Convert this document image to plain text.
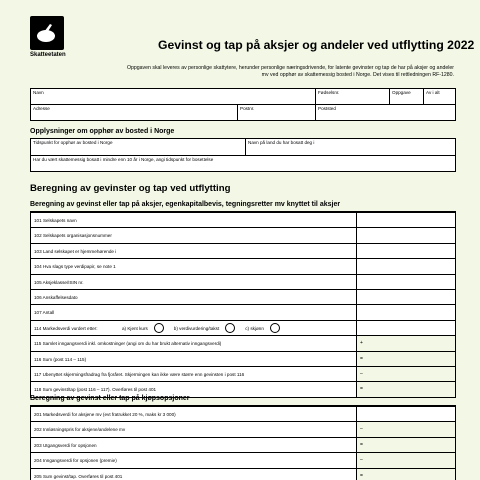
Skatteetaten
Gevinst og tap på aksjer og andeler ved utflytting 2022
Oppgaven skal leveres av personlige skattytere, herunder personlige næringsdrivende, for latente gevinster og tap de har på aksjer og andeler mv ved opphør av skattemessig bosted i Norge. Det vises til rettledningen RF-1280.
Navn	Fødselsnr.	Oppgave	Av i alt
Adresse	Postnr.	Poststed
Opplysninger om opphør av bosted i Norge
Tidspunkt for opphør av bosted i Norge	Navn på land du har bosatt deg i
Har du vært skattemessig bosatt i mindre enn 10 år i Norge, angi tidspunkt for bosettelse
Beregning av gevinster og tap ved utflytting
Beregning av gevinst eller tap på aksjer, egenkapitalbevis, tegningsretter mv knyttet til aksjer
101 Selskapets navn
102 Selskapets organisasjonsnummer
103 Land selskapet er hjemmehørende i
104 Hva slags type verdipapir, se note 1
105 Aksjeklasse/ISIN nr.
106 Anskaffelsesdato
107 Antall
114 Markedsverdi vurdert etter:	a) Kjent kurs	b) verdivurdering/takst	c) skjønn
115 Samlet inngangsverdi inkl. omkostninger (angi om du har brukt alternativ inngangsverdi)	+
116 Sum (post 114 – 115)	=
117 Ubenyttet skjermingsfradrag fra fjoråret. Skjermingen kan ikke være større enn gevinsten i post 116	–
118 Sum gevinst/tap (post 116 – 117). Overføres til post 401	=
Beregning av gevinst eller tap på kjøpsopsjoner
201 Markedsverdi for aksjene mv (evt fratrukket 20 %, maks kr 3 000)
202 Innløsningspris for aksjene/andelene mv	–
203 Utgangsverdi for opsjonen	=
204 Inngangsverdi for opsjonen (premie)	–
205 Sum gevinst/tap. Overføres til post 401	=
